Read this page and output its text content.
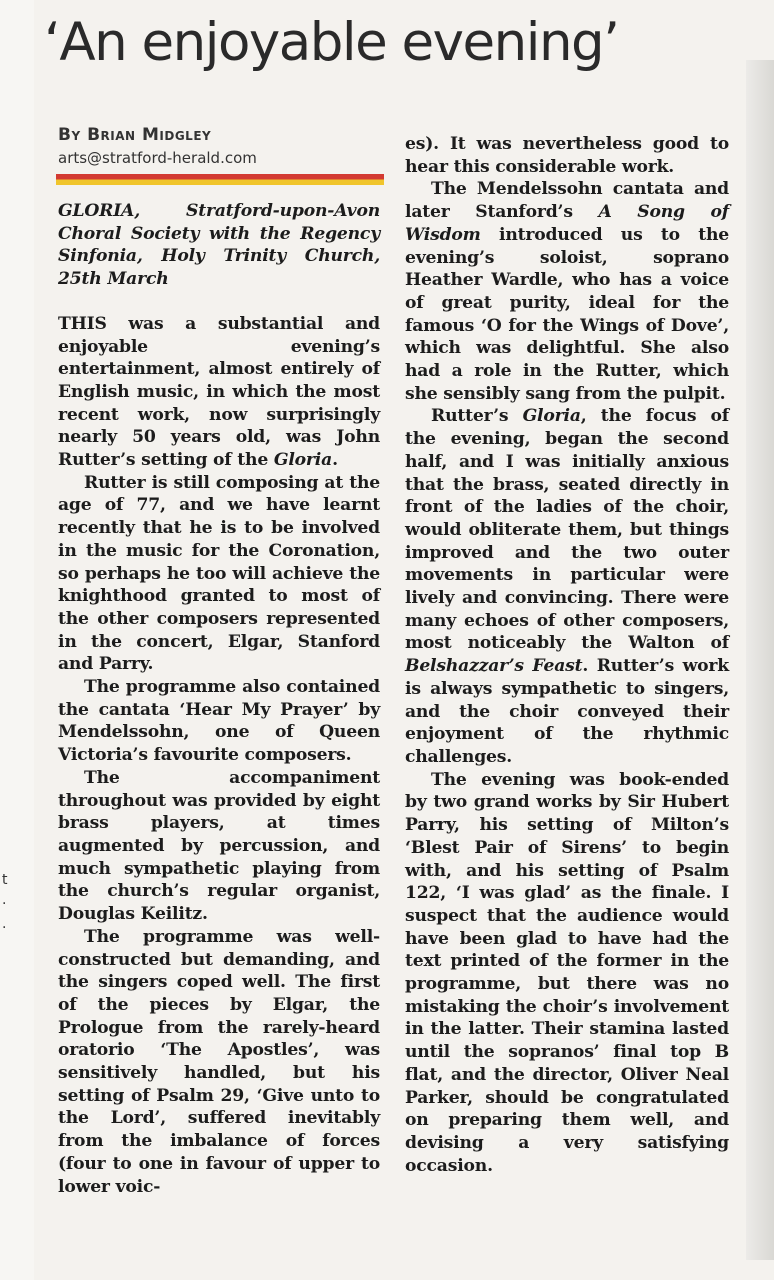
t
·
·
‘An enjoyable evening’
By Brian Midgley
arts@stratford-herald.com

GLORIA, Stratford-upon-Avon Choral Society with the Regency Sinfonia, Holy Trinity Church, 25th March

THIS was a substantial and enjoyable evening’s entertainment, almost entirely of English music, in which the most recent work, now surprisingly nearly 50 years old, was John Rutter’s setting of the Gloria.

Rutter is still composing at the age of 77, and we have learnt recently that he is to be involved in the music for the Coronation, so perhaps he too will achieve the knighthood granted to most of the other composers represented in the concert, Elgar, Stanford and Parry.

The programme also contained the cantata ‘Hear My Prayer’ by Mendelssohn, one of Queen Victoria’s favourite composers.

The accompaniment throughout was provided by eight brass players, at times augmented by percussion, and much sympathetic playing from the church’s regular organist, Douglas Keilitz.

The programme was well-constructed but demanding, and the singers coped well. The first of the pieces by Elgar, the Prologue from the rarely-heard oratorio ‘The Apostles’, was sensitively handled, but his setting of Psalm 29, ‘Give unto to the Lord’, suffered inevitably from the imbalance of forces (four to one in favour of upper to lower voic-

es). It was nevertheless good to hear this considerable work.

The Mendelssohn cantata and later Stanford’s A Song of Wisdom introduced us to the evening’s soloist, soprano Heather Wardle, who has a voice of great purity, ideal for the famous ‘O for the Wings of Dove’, which was delightful. She also had a role in the Rutter, which she sensibly sang from the pulpit.

Rutter’s Gloria, the focus of the evening, began the second half, and I was initially anxious that the brass, seated directly in front of the ladies of the choir, would obliterate them, but things improved and the two outer movements in particular were lively and convincing. There were many echoes of other composers, most noticeably the Walton of Belshazzar’s Feast. Rutter’s work is always sympathetic to singers, and the choir conveyed their enjoyment of the rhythmic challenges.

The evening was book-ended by two grand works by Sir Hubert Parry, his setting of Milton’s ‘Blest Pair of Sirens’ to begin with, and his setting of Psalm 122, ‘I was glad’ as the finale. I suspect that the audience would have been glad to have had the text printed of the former in the programme, but there was no mistaking the choir’s involvement in the latter. Their stamina lasted until the sopranos’ final top B flat, and the director, Oliver Neal Parker, should be congratulated on preparing them well, and devising a very satisfying occasion.
